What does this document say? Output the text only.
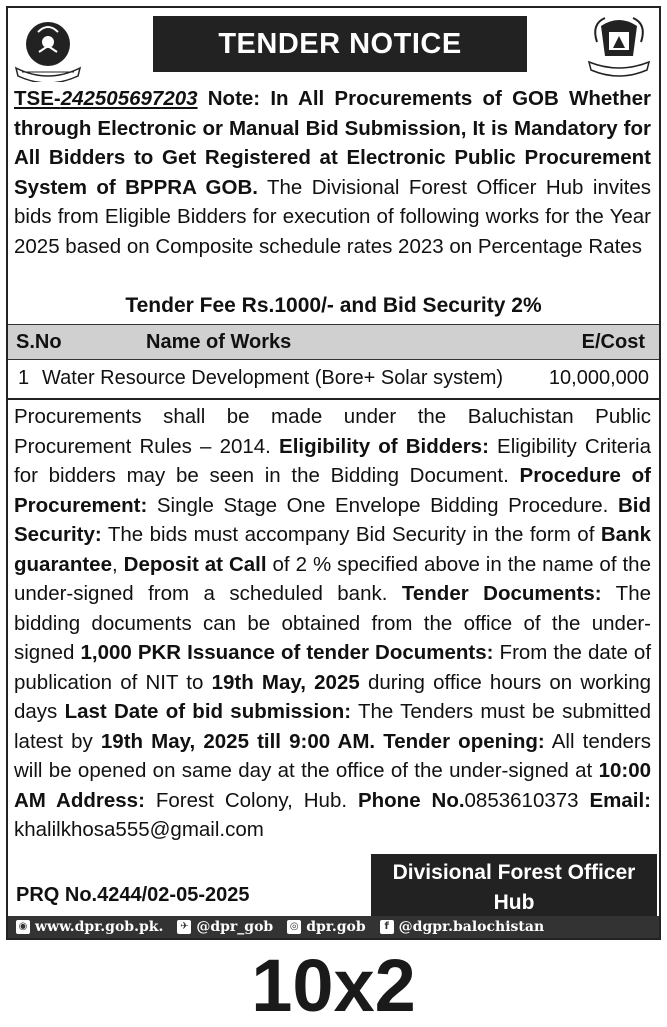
TENDER NOTICE
TSE-242505697203 Note: In All Procurements of GOB Whether through Electronic or Manual Bid Submission, It is Mandatory for All Bidders to Get Registered at Electronic Public Procurement System of BPPRA GOB. The Divisional Forest Officer Hub invites bids from Eligible Bidders for execution of following works for the Year 2025 based on Composite schedule rates 2023 on Percentage Rates
Tender Fee Rs.1000/- and Bid Security 2%
S.No	Name of Works	E/Cost
1 Water Resource Development (Bore+ Solar system) 10,000,000
Procurements shall be made under the Baluchistan Public Procurement Rules – 2014. Eligibility of Bidders: Eligibility Criteria for bidders may be seen in the Bidding Document. Procedure of Procurement: Single Stage One Envelope Bidding Procedure. Bid Security: The bids must accompany Bid Security in the form of Bank guarantee, Deposit at Call of 2 % specified above in the name of the under-signed from a scheduled bank. Tender Documents: The bidding documents can be obtained from the office of the under-signed 1,000 PKR Issuance of tender Documents: From the date of publication of NIT to 19th May, 2025 during office hours on working days Last Date of bid submission: The Tenders must be submitted latest by 19th May, 2025 till 9:00 AM. Tender opening: All tenders will be opened on same day at the office of the under-signed at 10:00 AM Address: Forest Colony, Hub. Phone No.0853610373 Email: khalilkhosa555@gmail.com
PRQ No.4244/02-05-2025
Divisional Forest Officer
Hub
◉ www.dpr.gob.pk. ✈ @dpr_gob ◎ dpr.gob	f @dgpr.balochistan
10x2
